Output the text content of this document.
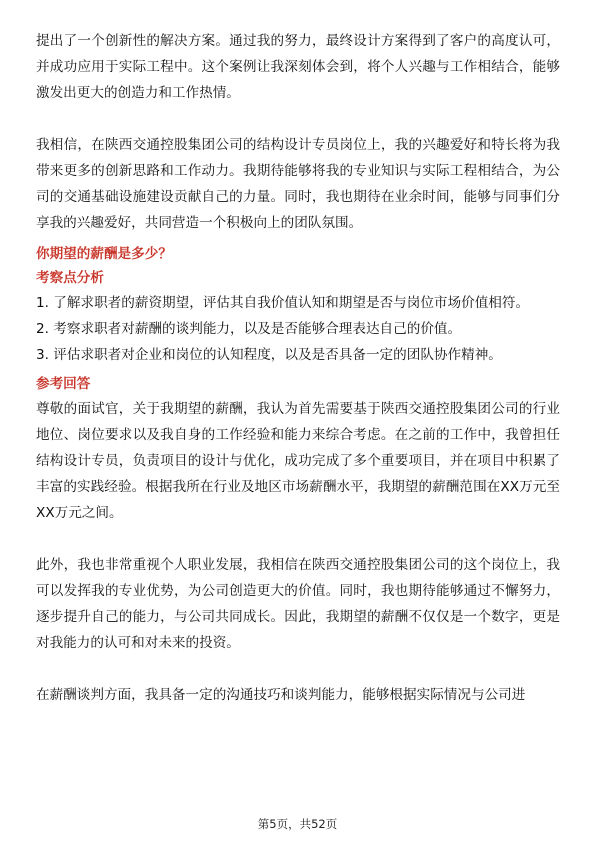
提出了一个创新性的解决方案。通过我的努力，最终设计方案得到了客户的高度认可，并成功应用于实际工程中。这个案例让我深刻体会到，将个人兴趣与工作相结合，能够激发出更大的创造力和工作热情。

我相信，在陕西交通控股集团公司的结构设计专员岗位上，我的兴趣爱好和特长将为我带来更多的创新思路和工作动力。我期待能够将我的专业知识与实际工程相结合，为公司的交通基础设施建设贡献自己的力量。同时，我也期待在业余时间，能够与同事们分享我的兴趣爱好，共同营造一个积极向上的团队氛围。

你期望的薪酬是多少？
考察点分析
1. 了解求职者的薪资期望，评估其自我价值认知和期望是否与岗位市场价值相符。
2. 考察求职者对薪酬的谈判能力，以及是否能够合理表达自己的价值。
3. 评估求职者对企业和岗位的认知程度，以及是否具备一定的团队协作精神。
参考回答

尊敬的面试官，关于我期望的薪酬，我认为首先需要基于陕西交通控股集团公司的行业地位、岗位要求以及我自身的工作经验和能力来综合考虑。在之前的工作中，我曾担任结构设计专员，负责项目的设计与优化，成功完成了多个重要项目，并在项目中积累了丰富的实践经验。根据我所在行业及地区市场薪酬水平，我期望的薪酬范围在XX万元至XX万元之间。

此外，我也非常重视个人职业发展，我相信在陕西交通控股集团公司的这个岗位上，我可以发挥我的专业优势，为公司创造更大的价值。同时，我也期待能够通过不懈努力，逐步提升自己的能力，与公司共同成长。因此，我期望的薪酬不仅仅是一个数字，更是对我能力的认可和对未来的投资。

在薪酬谈判方面，我具备一定的沟通技巧和谈判能力，能够根据实际情况与公司进

第5页，共52页
